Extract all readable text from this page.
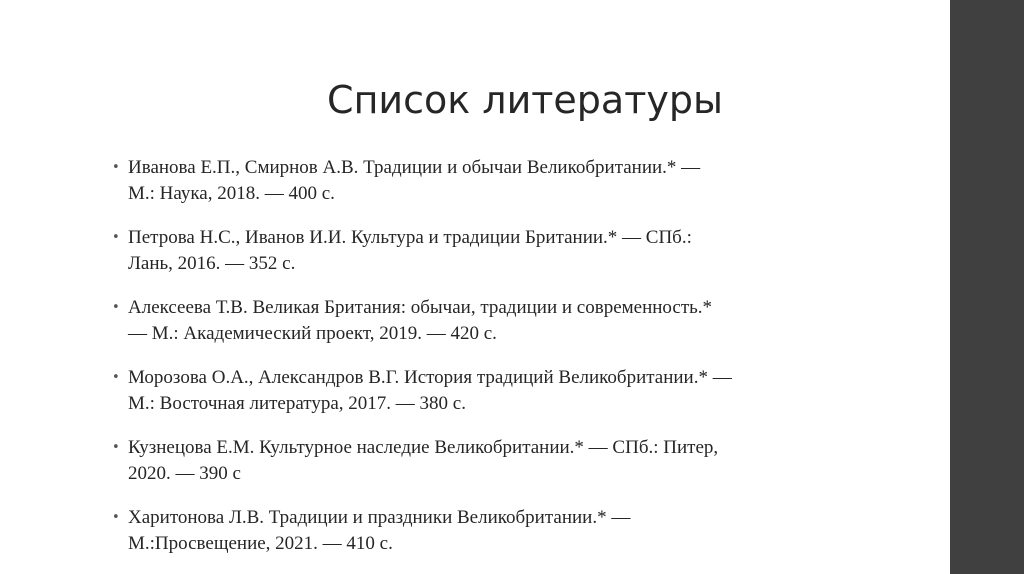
Список литературы
• Иванова Е.П., Смирнов А.В. Традиции и обычаи Великобритании.* —
М.: Наука, 2018. — 400 с.
• Петрова Н.С., Иванов И.И. Культура и традиции Британии.* — СПб.:
Лань, 2016. — 352 с.
• Алексеева Т.В. Великая Британия: обычаи, традиции и современность.*
— М.: Академический проект, 2019. — 420 с.
• Морозова О.А., Александров В.Г. История традиций Великобритании.* —
М.: Восточная литература, 2017. — 380 с.
• Кузнецова Е.М. Культурное наследие Великобритании.* — СПб.: Питер,
2020. — 390 с
• Харитонова Л.В. Традиции и праздники Великобритании.* —
М.:Просвещение, 2021. — 410 с.
